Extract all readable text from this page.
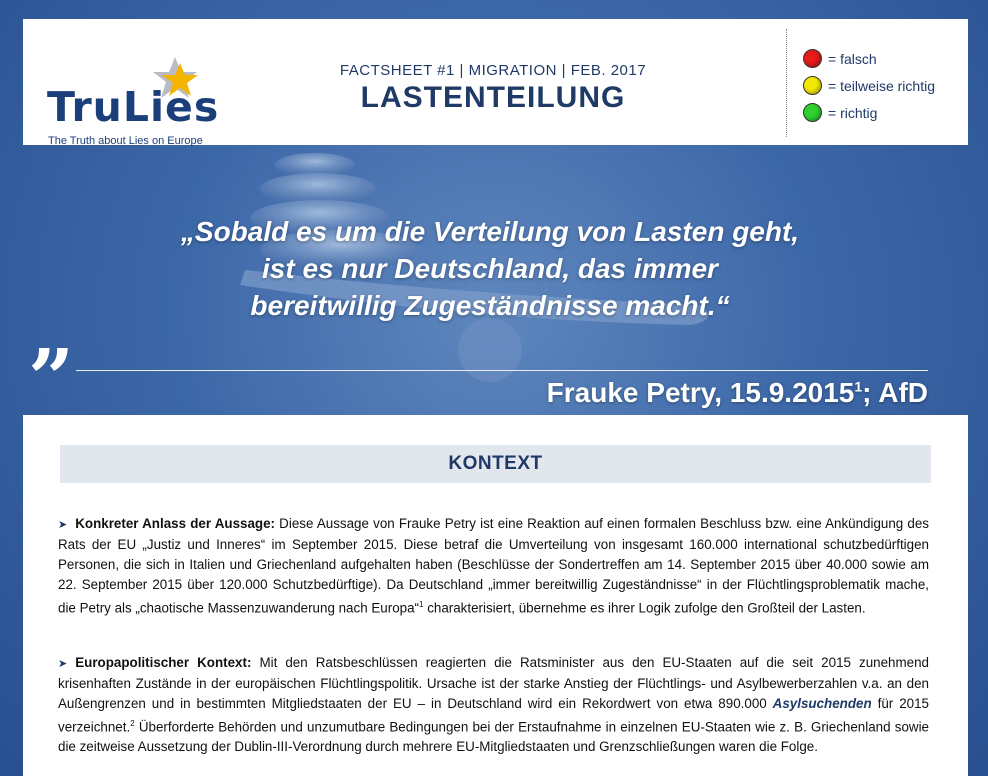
TruLies
The Truth about Lies on Europe
FACTSHEET #1 | MIGRATION | FEB. 2017
LASTENTEILUNG
= falsch
= teilweise richtig
= richtig
„Sobald es um die Verteilung von Lasten geht,
ist es nur Deutschland, das immer
bereitwillig Zugeständnisse macht.“
”	Frauke Petry, 15.9.2015$^1$; AfD
KONTEXT
➤ Konkreter Anlass der Aussage: Diese Aussage von Frauke Petry ist eine Reaktion auf einen formalen Beschluss bzw. eine Ankündigung des Rats der EU „Justiz und Inneres“ im September 2015. Diese betraf die Umverteilung von insgesamt 160.000 international schutzbedürftigen Personen, die sich in Italien und Griechenland aufgehalten haben (Beschlüsse der Sondertreffen am 14. September 2015 über 40.000 sowie am 22. September 2015 über 120.000 Schutzbedürftige). Da Deutschland „immer bereitwillig Zugeständnisse“ in der Flüchtlingsproblematik mache, die Petry als „chaotische Massenzuwanderung nach Europa“$^1$ charakterisiert, übernehme es ihrer Logik zufolge den Großteil der Lasten.
➤ Europapolitischer Kontext: Mit den Ratsbeschlüssen reagierten die Ratsminister aus den EU-Staaten auf die seit 2015 zunehmend krisenhaften Zustände in der europäischen Flüchtlingspolitik. Ursache ist der starke Anstieg der Flüchtlings- und Asylbewerberzahlen v.a. an den Außengrenzen und in bestimmten Mitgliedstaaten der EU – in Deutschland wird ein Rekordwert von etwa 890.000 Asylsuchenden für 2015 verzeichnet.$^2$ Überforderte Behörden und unzumutbare Bedingungen bei der Erstaufnahme in einzelnen EU-Staaten wie z. B. Griechenland sowie die zeitweise Aussetzung der Dublin-III-Verordnung durch mehrere EU-Mitgliedstaaten und Grenzschließungen waren die Folge.
